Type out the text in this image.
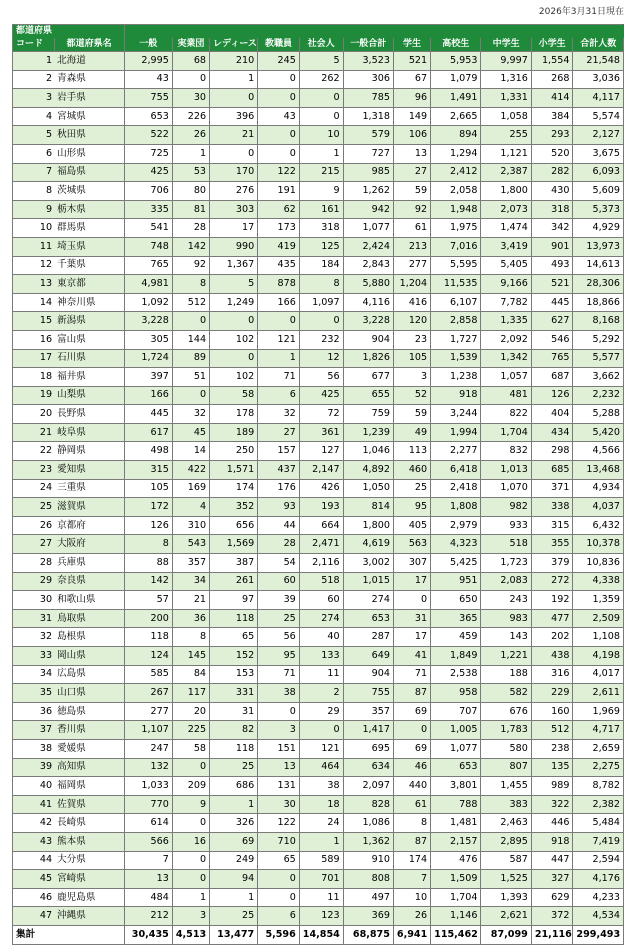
2026年3月31日現在
都道府県												
コード	都道府県名	一般	実業団	レディース	教職員	社会人	一般合計	学生	高校生	中学生	小学生	合計人数
1	北海道	2,995	68	210	245	5	3,523	521	5,953	9,997	1,554	21,548
2	青森県	43	0	1	0	262	306	67	1,079	1,316	268	3,036
3	岩手県	755	30	0	0	0	785	96	1,491	1,331	414	4,117
4	宮城県	653	226	396	43	0	1,318	149	2,665	1,058	384	5,574
5	秋田県	522	26	21	0	10	579	106	894	255	293	2,127
6	山形県	725	1	0	0	1	727	13	1,294	1,121	520	3,675
7	福島県	425	53	170	122	215	985	27	2,412	2,387	282	6,093
8	茨城県	706	80	276	191	9	1,262	59	2,058	1,800	430	5,609
9	栃木県	335	81	303	62	161	942	92	1,948	2,073	318	5,373
10	群馬県	541	28	17	173	318	1,077	61	1,975	1,474	342	4,929
11	埼玉県	748	142	990	419	125	2,424	213	7,016	3,419	901	13,973
12	千葉県	765	92	1,367	435	184	2,843	277	5,595	5,405	493	14,613
13	東京都	4,981	8	5	878	8	5,880	1,204	11,535	9,166	521	28,306
14	神奈川県	1,092	512	1,249	166	1,097	4,116	416	6,107	7,782	445	18,866
15	新潟県	3,228	0	0	0	0	3,228	120	2,858	1,335	627	8,168
16	富山県	305	144	102	121	232	904	23	1,727	2,092	546	5,292
17	石川県	1,724	89	0	1	12	1,826	105	1,539	1,342	765	5,577
18	福井県	397	51	102	71	56	677	3	1,238	1,057	687	3,662
19	山梨県	166	0	58	6	425	655	52	918	481	126	2,232
20	長野県	445	32	178	32	72	759	59	3,244	822	404	5,288
21	岐阜県	617	45	189	27	361	1,239	49	1,994	1,704	434	5,420
22	静岡県	498	14	250	157	127	1,046	113	2,277	832	298	4,566
23	愛知県	315	422	1,571	437	2,147	4,892	460	6,418	1,013	685	13,468
24	三重県	105	169	174	176	426	1,050	25	2,418	1,070	371	4,934
25	滋賀県	172	4	352	93	193	814	95	1,808	982	338	4,037
26	京都府	126	310	656	44	664	1,800	405	2,979	933	315	6,432
27	大阪府	8	543	1,569	28	2,471	4,619	563	4,323	518	355	10,378
28	兵庫県	88	357	387	54	2,116	3,002	307	5,425	1,723	379	10,836
29	奈良県	142	34	261	60	518	1,015	17	951	2,083	272	4,338
30	和歌山県	57	21	97	39	60	274	0	650	243	192	1,359
31	鳥取県	200	36	118	25	274	653	31	365	983	477	2,509
32	島根県	118	8	65	56	40	287	17	459	143	202	1,108
33	岡山県	124	145	152	95	133	649	41	1,849	1,221	438	4,198
34	広島県	585	84	153	71	11	904	71	2,538	188	316	4,017
35	山口県	267	117	331	38	2	755	87	958	582	229	2,611
36	徳島県	277	20	31	0	29	357	69	707	676	160	1,969
37	香川県	1,107	225	82	3	0	1,417	0	1,005	1,783	512	4,717
38	愛媛県	247	58	118	151	121	695	69	1,077	580	238	2,659
39	高知県	132	0	25	13	464	634	46	653	807	135	2,275
40	福岡県	1,033	209	686	131	38	2,097	440	3,801	1,455	989	8,782
41	佐賀県	770	9	1	30	18	828	61	788	383	322	2,382
42	長崎県	614	0	326	122	24	1,086	8	1,481	2,463	446	5,484
43	熊本県	566	16	69	710	1	1,362	87	2,157	2,895	918	7,419
44	大分県	7	0	249	65	589	910	174	476	587	447	2,594
45	宮崎県	13	0	94	0	701	808	7	1,509	1,525	327	4,176
46	鹿児島県	484	1	1	0	11	497	10	1,704	1,393	629	4,233
47	沖縄県	212	3	25	6	123	369	26	1,146	2,621	372	4,534
集計		30,435	4,513	13,477	5,596	14,854	68,875	6,941	115,462	87,099	21,116	299,493
